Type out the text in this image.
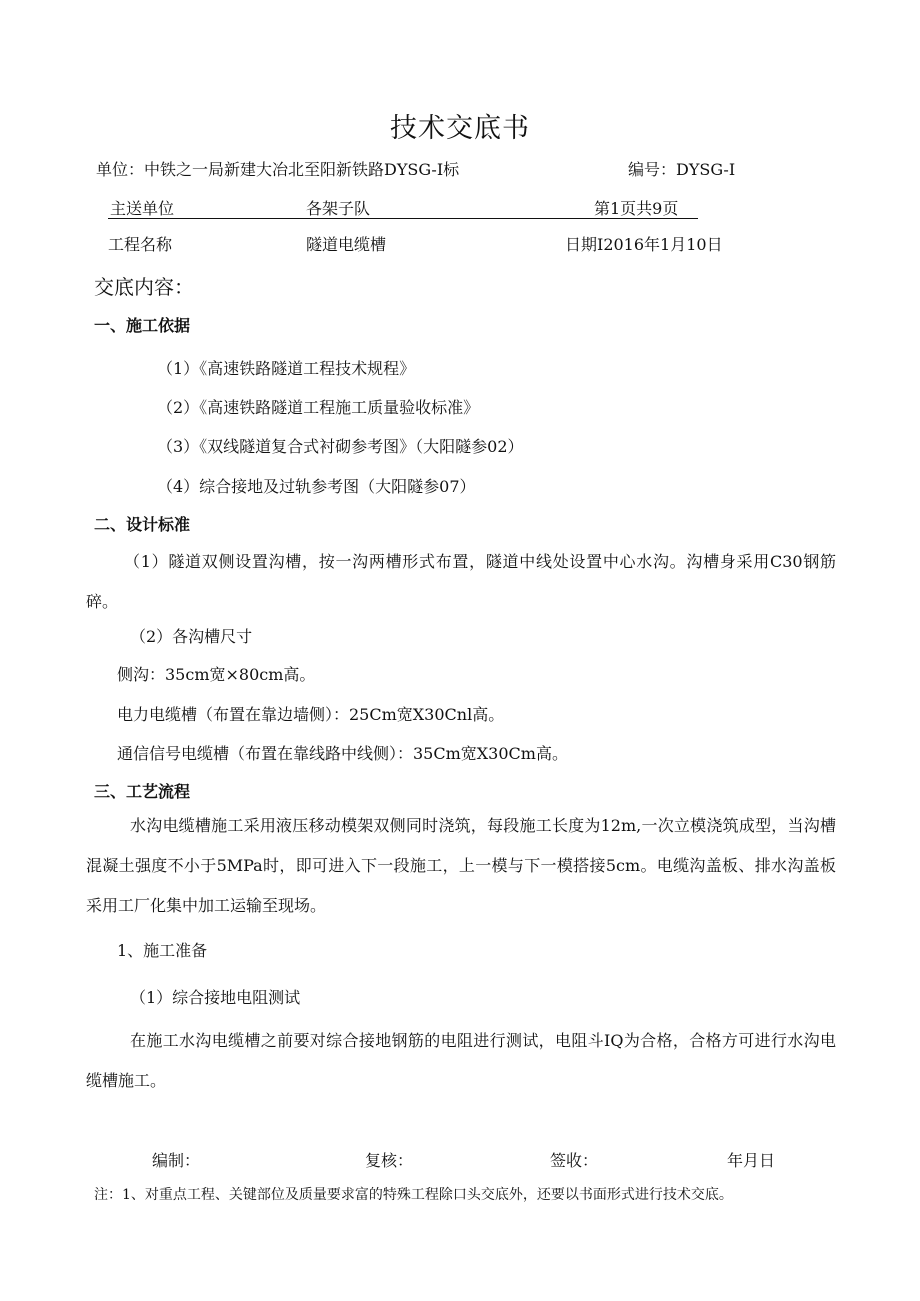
技术交底书
单位：中铁之一局新建大冶北至阳新铁路DYSG-I标	编号：DYSG-I
主送单位	各架子队	第1页共9页
工程名称	隧道电缆槽	日期I2016年1月10日
交底内容：
一、施工依据
（1）《高速铁路隧道工程技术规程》
（2）《高速铁路隧道工程施工质量验收标准》
（3）《双线隧道复合式衬砌参考图》（大阳隧参02）
（4）综合接地及过轨参考图（大阳隧参07）
二、设计标准
（1）隧道双侧设置沟槽，按一沟两槽形式布置，隧道中线处设置中心水沟。沟槽身采用C30钢筋碎。
（2）各沟槽尺寸
侧沟：35cm宽×80cm高。
电力电缆槽（布置在靠边墙侧）：25Cm宽X30Cnl高。
通信信号电缆槽（布置在靠线路中线侧）：35Cm宽X30Cm高。
三、工艺流程
水沟电缆槽施工采用液压移动模架双侧同时浇筑，每段施工长度为12m,一次立模浇筑成型，当沟槽混凝土强度不小于5MPa时，即可进入下一段施工，上一模与下一模搭接5cm。电缆沟盖板、排水沟盖板采用工厂化集中加工运输至现场。
1、施工准备
（1）综合接地电阻测试
在施工水沟电缆槽之前要对综合接地钢筋的电阻进行测试，电阻斗IQ为合格，合格方可进行水沟电缆槽施工。
编制：	复核：	签收：	年月日
注：1、对重点工程、关键部位及质量要求富的特殊工程除口头交底外，还要以书面形式进行技术交底。
